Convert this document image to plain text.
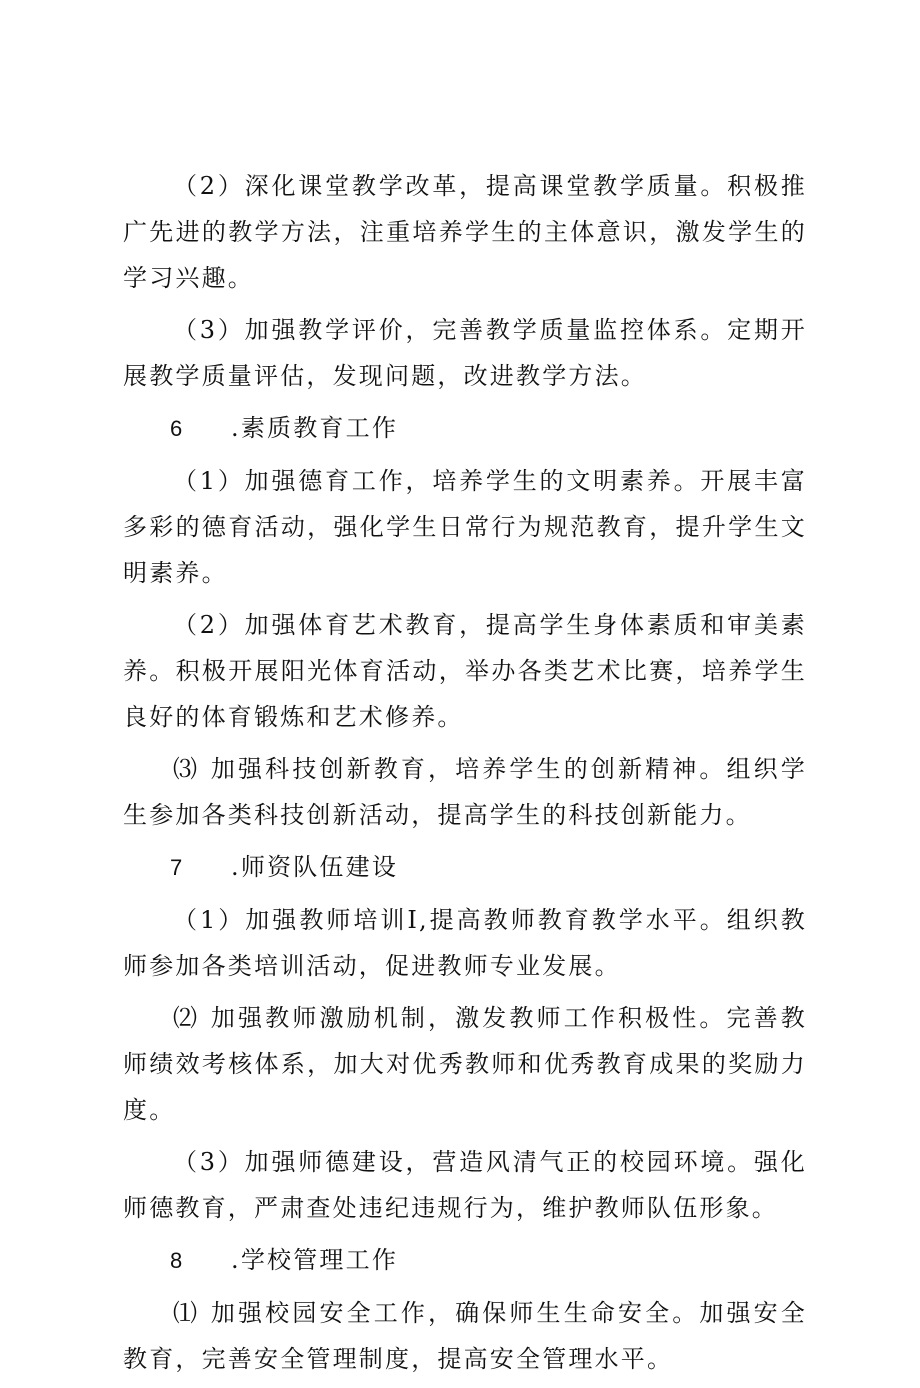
（2）深化课堂教学改革，提高课堂教学质量。积极推广先进的教学方法，注重培养学生的主体意识，激发学生的学习兴趣。

（3）加强教学评价，完善教学质量监控体系。定期开展教学质量评估，发现问题，改进教学方法。

6	.素质教育工作

（1）加强德育工作，培养学生的文明素养。开展丰富多彩的德育活动，强化学生日常行为规范教育，提升学生文明素养。

（2）加强体育艺术教育，提高学生身体素质和审美素养。积极开展阳光体育活动，举办各类艺术比赛，培养学生良好的体育锻炼和艺术修养。

⑶ 加强科技创新教育，培养学生的创新精神。组织学生参加各类科技创新活动，提高学生的科技创新能力。

7	.师资队伍建设

（1）加强教师培训I,提高教师教育教学水平。组织教师参加各类培训活动，促进教师专业发展。

⑵ 加强教师激励机制，激发教师工作积极性。完善教师绩效考核体系，加大对优秀教师和优秀教育成果的奖励力度。

（3）加强师德建设，营造风清气正的校园环境。强化师德教育，严肃查处违纪违规行为，维护教师队伍形象。

8	.学校管理工作

⑴ 加强校园安全工作，确保师生生命安全。加强安全教育，完善安全管理制度，提高安全管理水平。
